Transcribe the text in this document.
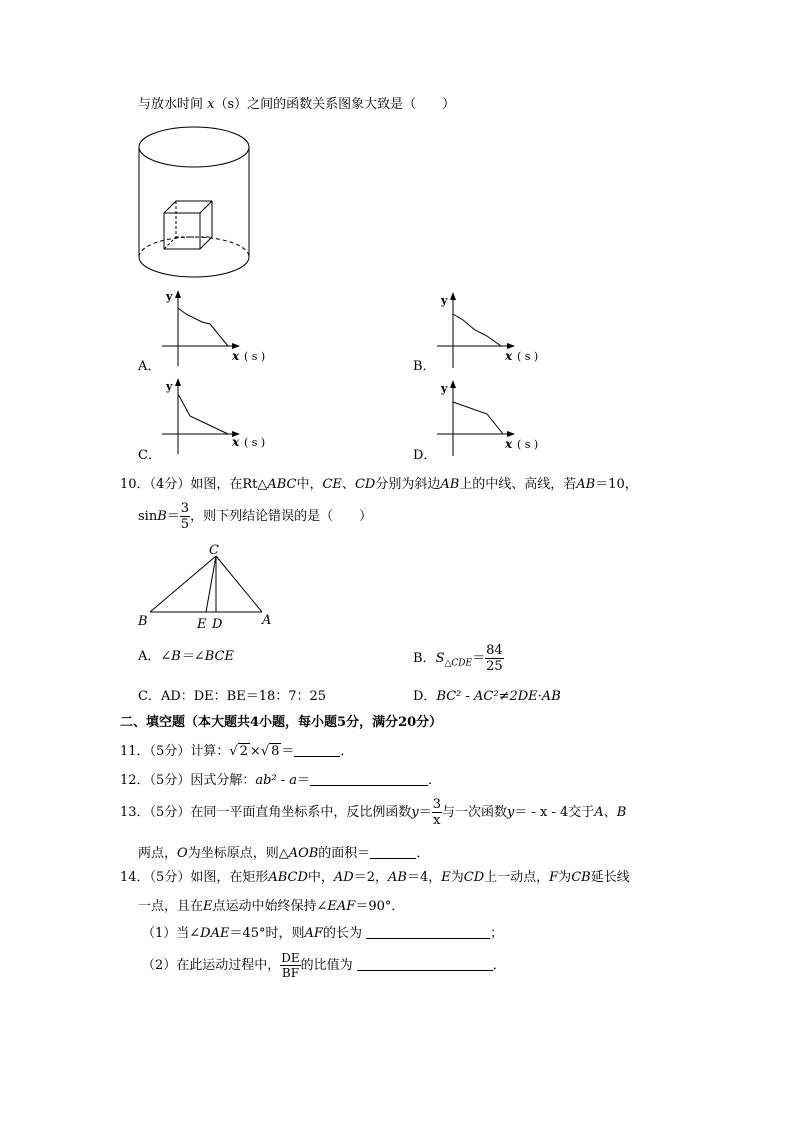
与放水时间 x（s）之间的函数关系图象大致是（　　）
y
x ( s )
A．
y
x ( s )
B．
y
x ( s )
C．
y
x ( s )
D．
10．（4分）如图，在Rt△ABC中，CE、CD分别为斜边AB上的中线、高线，若AB＝10，
$\sin B= \frac{3}{5}$ ，则下列结论错误的是（　　）
C
B	E D	A
A．∠B＝∠BCE	B．$S_{\triangle CDE}= \frac{84}{25}$
C．AD：DE：BE＝18：7：25	D．BC² - AC²≠2DE·AB
二、填空题（本大题共4小题，每小题5分，满分20分）
11．（5分）计算：√ 2 ×√ 8 ＝	．
12．（5分）因式分解：ab² - a＝	．
13．（5分）在同一平面直角坐标系中，反比例函数$y= \frac{3}{x}$ 与一次函数y＝ - x - 4交于A、B
两点，O为坐标原点，则△AOB的面积＝	．
14．（5分）如图，在矩形ABCD中，AD＝2，AB＝4，E为CD上一动点，F为CB延长线
一点，且在E点运动中始终保持∠EAF＝90°．
（1）当∠DAE＝45°时，则AF的长为	；
（2）在此运动过程中， $\frac{DE}{BF}$ 的比值为	．
